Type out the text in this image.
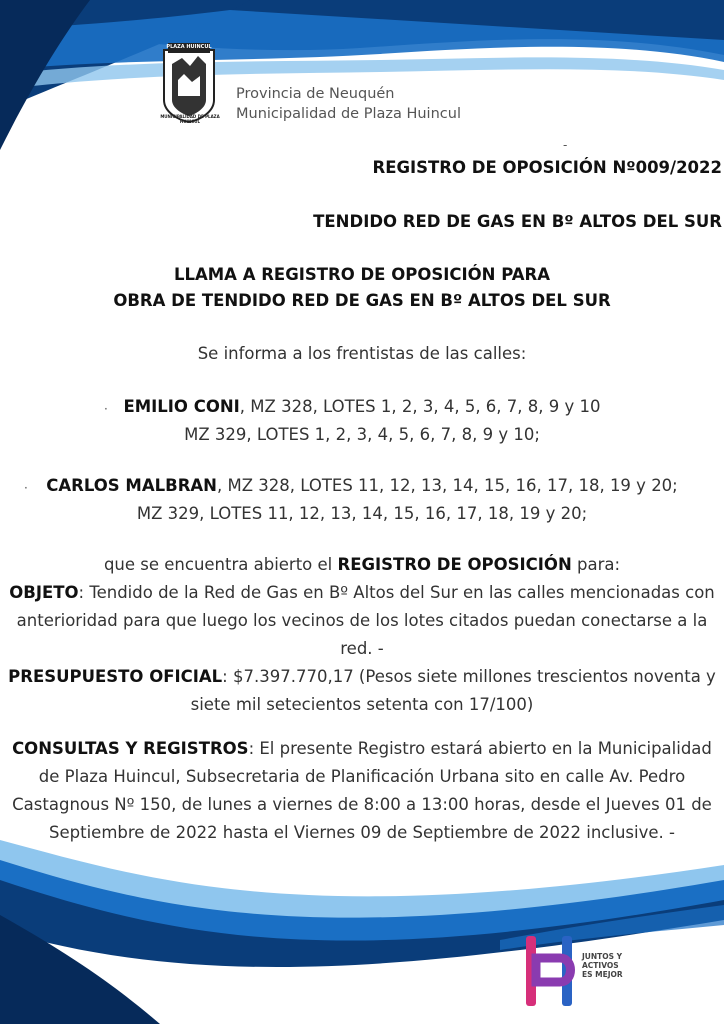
PLAZA HUINCUL
MUNICIPALIDAD DE PLAZA HUINCUL
Provincia de Neuquén
Municipalidad de Plaza Huincul
-
REGISTRO DE OPOSICIÓN Nº009/2022
TENDIDO RED DE GAS EN Bº ALTOS DEL SUR
LLAMA A REGISTRO DE OPOSICIÓN PARA
OBRA DE TENDIDO RED DE GAS EN Bº ALTOS DEL SUR
Se informa a los frentistas de las calles:
· EMILIO CONI, MZ 328, LOTES 1, 2, 3, 4, 5, 6, 7, 8, 9 y 10
MZ 329, LOTES 1, 2, 3, 4, 5, 6, 7, 8, 9 y 10;
·	CARLOS MALBRAN, MZ 328, LOTES 11, 12, 13, 14, 15, 16, 17, 18, 19 y 20;
MZ 329, LOTES 11, 12, 13, 14, 15, 16, 17, 18, 19 y 20;
que se encuentra abierto el REGISTRO DE OPOSICIÓN para:
OBJETO: Tendido de la Red de Gas en Bº Altos del Sur en las calles mencionadas con
anterioridad para que luego los vecinos de los lotes citados puedan conectarse a la
red. -
PRESUPUESTO OFICIAL: $7.397.770,17 (Pesos siete millones trescientos noventa y
siete mil setecientos setenta con 17/100)
CONSULTAS Y REGISTROS: El presente Registro estará abierto en la Municipalidad
de Plaza Huincul, Subsecretaria de Planificación Urbana sito en calle Av. Pedro
Castagnous Nº 150, de lunes a viernes de 8:00 a 13:00 horas, desde el Jueves 01 de
Septiembre de 2022 hasta el Viernes 09 de Septiembre de 2022 inclusive. -
JUNTOS Y
ACTIVOS
ES MEJOR
